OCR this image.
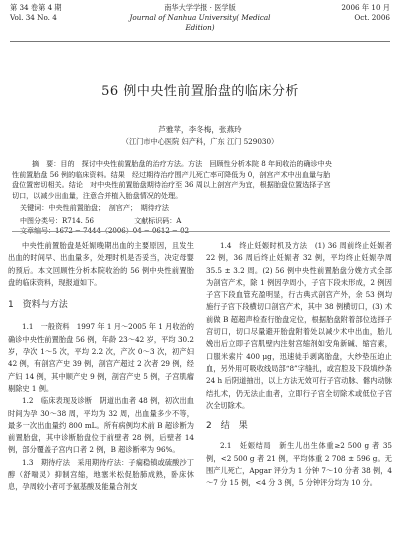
第 34 卷第 4 期
Vol. 34 No. 4
南华大学学报 · 医学版
Journal of Nanhua University( Medical Edition)
2006 年 10 月
Oct. 2006
56 例中央性前置胎盘的临床分析
芦雅苹，李冬梅，张燕玲
（江门市中心医院 妇产科，广东 江门 529030）
摘　要：目的　探讨中央性前置胎盘的治疗方法。方法　回顾性分析本院 8 年间收治的确诊中央
性前置胎盘 56 例的临床资料。结果　经过期待治疗围产儿死亡率可降低为 0，剖宫产术中出血量与胎
盘位置密切相关。结论　对中央性前置胎盘期待治疗至 36 周以上剖宫产为宜，根据胎盘位置选择子宫
切口，以减少出血量，注意合并植入胎盘情况的处理。
关键词：中央性前置胎盘；　剖宫产；　期待疗法
中图分类号：R714. 56	文献标识码：A 文章编号：1672 − 7444（2006）04 − 0612 − 02

中央性前置胎盘是妊娠晚期出血的主要原因，且发生出血的时间早、出血量多，处理时机是否妥当，决定母婴的预后。本文回顾性分析本院收治的 56 例中央性前置胎盘的临床资料，现报道如下。

1　资料与方法

1.1　一般资料　1997 年 1 月～2005 年 1 月收治的确诊中央性前置胎盘 56 例，年龄 23～42 岁，平均 30.2 岁，孕次 1～5 次，平均 2.2 次，产次 0～3 次，初产妇 42 例，有剖宫产史 39 例，剖宫产超过 2 次者 29 例，经产妇 14 例，其中顺产史 9 例，剖宫产史 5 例，子宫肌瘤剔除史 1 例。

1.2　临床表现及诊断　阴道出血者 48 例，初次出血时间为孕 30～38 周，平均为 32 周，出血量多少不等，最多一次出血量约 800 mL。所有病例均术前 B 超诊断为前置胎盘，其中诊断胎盘位于前壁者 28 例，后壁者 14 例，部分覆盖子宫内口者 2 例，B 超诊断率为 96%。

1.3　期待疗法　采用期待疗法：子痫稳镇或硫酸沙丁醇（舒喘灵）抑制宫缩，地塞米松促胎肺成熟，卧床休息，孕周较小者可予氨基酸及能量合剂支

1.4　终止妊娠时机及方法　(1) 36 周前终止妊娠者 22 例，36 周后终止妊娠者 32 例，平均终止妊娠孕周 35.5 ± 3.2 周。(2) 56 例中央性前置胎盘分娩方式全部为剖宫产术，除 1 例因孕周小，子宫下段未形成，2 例因子宫下段血管充盈明显，行古典式剖宫产外，余 53 例均施行子宫下段横切口剖宫产术，其中 38 例横切口，(3) 术前做 B 超超声检查行胎盘定位，根据胎盘附着部位选择子宫切口，切口尽量避开胎盘附着处以减少术中出血，胎儿娩出后立即子宫肌壁内注射宫缩剂如安角新碱、缩宫素，口服米索片 400 μg，迅速徒手剥离胎盘，大纱垫压迫止血，另外用可吸收线局部“8”字缝扎，或宫腔及下段填纱条 24 h 后阴道抽出，以上方法无效可行子宫动脉、髂内动脉结扎术，仍无法止血者，立即行子宫全切除术或低位子宫次全切除术。

2　结　果

2.1　妊娠结局　新生儿出生体重≥2 500 g 者 35 例，<2 500 g 者 21 例，平均体重 2 708 ± 596 g。无围产儿死亡，Apgar 评分为 1 分钟 7～10 分者 38 例，4～7 分 15 例，<4 分 3 例，5 分钟评分均为 10 分。
